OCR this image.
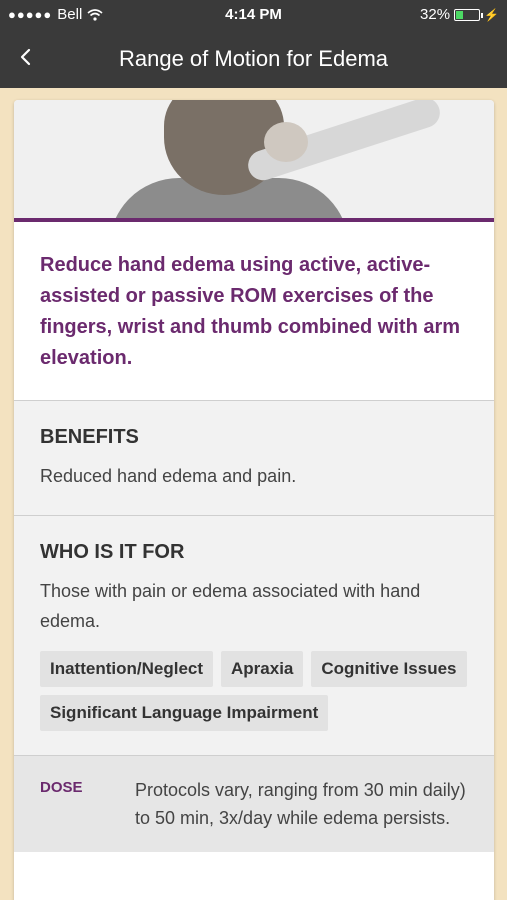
●●●●● Bell	4:14 PM	32%	⚡
Range of Motion for Edema
Reduce hand edema using active, active-assisted or passive ROM exercises of the fingers, wrist and thumb combined with arm elevation.
BENEFITS

Reduced hand edema and pain.

WHO IS IT FOR

Those with pain or edema associated with hand edema.

Inattention/Neglect	Apraxia	Cognitive Issues
Significant Language Impairment
DOSE	Protocols vary, ranging from 30 min daily) to 50 min, 3x/day while edema persists.
